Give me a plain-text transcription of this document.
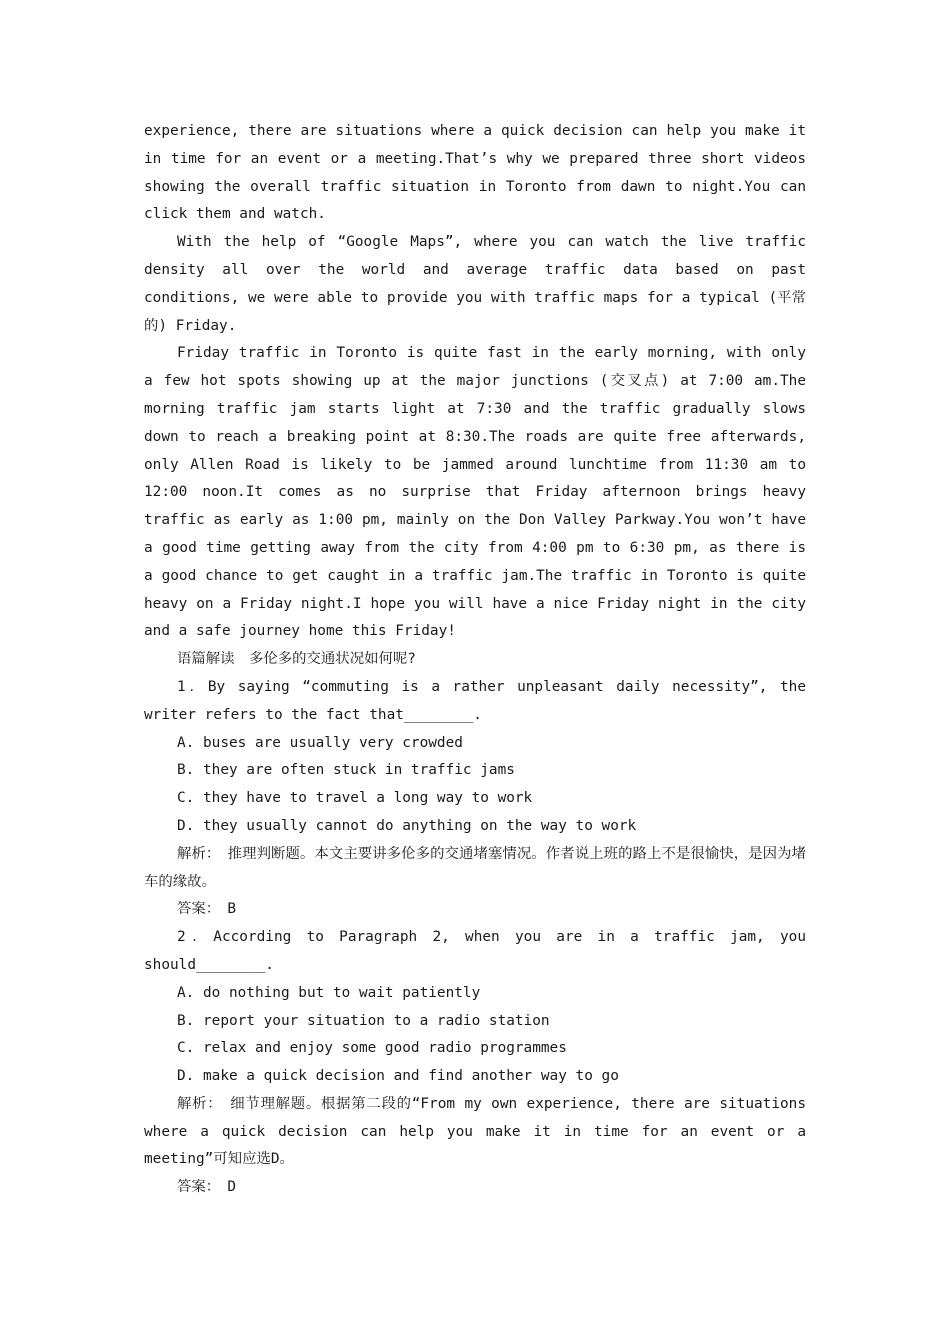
experience, there are situations where a quick decision can help you make it in time for an event or a meeting.That’s why we prepared three short videos showing the overall traffic situation in Toronto from dawn to night.You can click them and watch.

With the help of “Google Maps”, where you can watch the live traffic density all over the world and average traffic data based on past conditions, we were able to provide you with traffic maps for a typical (平常的) Friday.

Friday traffic in Toronto is quite fast in the early morning, with only a few hot spots showing up at the major junctions (交叉点) at 7:00 am.The morning traffic jam starts light at 7:30 and the traffic gradually slows down to reach a breaking point at 8:30.The roads are quite free afterwards, only Allen Road is likely to be jammed around lunchtime from 11:30 am to 12:00 noon.It comes as no surprise that Friday afternoon brings heavy traffic as early as 1:00 pm, mainly on the Don Valley Parkway.You won’t have a good time getting away from the city from 4:00 pm to 6:30 pm, as there is a good chance to get caught in a traffic jam.The traffic in Toronto is quite heavy on a Friday night.I hope you will have a nice Friday night in the city and a safe journey home this Friday!

语篇解读　多伦多的交通状况如何呢?

1．By saying “commuting is a rather unpleasant daily necessity”, the writer refers to the fact that________.

A. buses are usually very crowded

B. they are often stuck in traffic jams

C. they have to travel a long way to work

D. they usually cannot do anything on the way to work

解析：　推理判断题。本文主要讲多伦多的交通堵塞情况。作者说上班的路上不是很愉快，是因为堵车的缘故。

答案：　B

2．According to Paragraph 2, when you are in a traffic jam, you should________.

A. do nothing but to wait patiently

B. report your situation to a radio station

C. relax and enjoy some good radio programmes

D. make a quick decision and find another way to go

解析：　细节理解题。根据第二段的“From my own experience, there are situations where a quick decision can help you make it in time for an event or a meeting”可知应选D。

答案：　D
